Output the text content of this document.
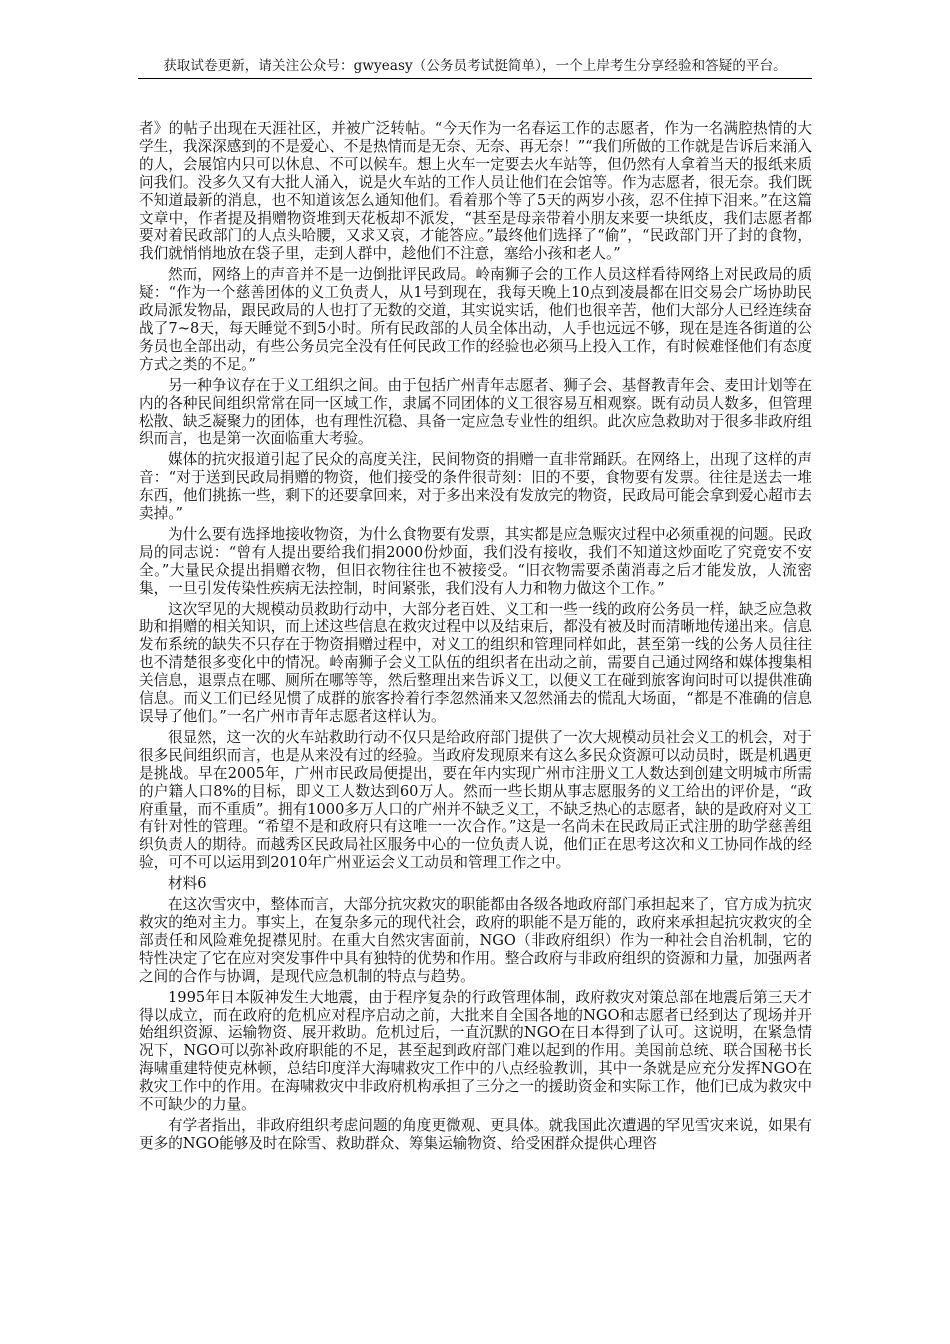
获取试卷更新，请关注公众号：gwyeasy（公务员考试挺简单），一个上岸考生分享经验和答疑的平台。

者》的帖子出现在天涯社区，并被广泛转帖。“今天作为一名春运工作的志愿者，作为一名满腔热情的大学生，我深深感到的不是爱心、不是热情而是无奈、无奈、再无奈！”“我们所做的工作就是告诉后来涌入的人，会展馆内只可以休息、不可以候车。想上火车一定要去火车站等，但仍然有人拿着当天的报纸来质问我们。没多久又有大批人涌入，说是火车站的工作人员让他们在会馆等。作为志愿者，很无奈。我们既不知道最新的消息，也不知道该怎么通知他们。看着那个等了5天的两岁小孩，忍不住掉下泪来。”在这篇文章中，作者提及捐赠物资堆到天花板却不派发，“甚至是母亲带着小朋友来要一块纸皮，我们志愿者都要对着民政部门的人点头哈腰，又求又哀，才能答应。”最终他们选择了“偷”，“民政部门开了封的食物，我们就悄悄地放在袋子里，走到人群中，趁他们不注意，塞给小孩和老人。”

然而，网络上的声音并不是一边倒批评民政局。岭南狮子会的工作人员这样看待网络上对民政局的质疑：“作为一个慈善团体的义工负责人，从1号到现在，我每天晚上10点到凌晨都在旧交易会广场协助民政局派发物品，跟民政局的人也打了无数的交道，其实说实话，他们也很辛苦，他们大部分人已经连续奋战了7~8天，每天睡觉不到5小时。所有民政部的人员全体出动，人手也远远不够，现在是连各街道的公务员也全部出动，有些公务员完全没有任何民政工作的经验也必须马上投入工作，有时候难怪他们有态度方式之类的不足。”

另一种争议存在于义工组织之间。由于包括广州青年志愿者、狮子会、基督教青年会、麦田计划等在内的各种民间组织常常在同一区域工作，隶属不同团体的义工很容易互相观察。既有动员人数多，但管理松散、缺乏凝聚力的团体，也有理性沉稳、具备一定应急专业性的组织。此次应急救助对于很多非政府组织而言，也是第一次面临重大考验。

媒体的抗灾报道引起了民众的高度关注，民间物资的捐赠一直非常踊跃。在网络上，出现了这样的声音：“对于送到民政局捐赠的物资，他们接受的条件很苛刻：旧的不要，食物要有发票。往往是送去一堆东西，他们挑拣一些，剩下的还要拿回来，对于多出来没有发放完的物资，民政局可能会拿到爱心超市去卖掉。”

为什么要有选择地接收物资，为什么食物要有发票，其实都是应急赈灾过程中必须重视的问题。民政局的同志说：“曾有人提出要给我们捐2000份炒面，我们没有接收，我们不知道这炒面吃了究竟安不安全。”大量民众提出捐赠衣物，但旧衣物往往也不被接受。“旧衣物需要杀菌消毒之后才能发放，人流密集，一旦引发传染性疾病无法控制，时间紧张，我们没有人力和物力做这个工作。”

这次罕见的大规模动员救助行动中，大部分老百姓、义工和一些一线的政府公务员一样，缺乏应急救助和捐赠的相关知识，而上述这些信息在救灾过程中以及结束后，都没有被及时而清晰地传递出来。信息发布系统的缺失不只存在于物资捐赠过程中，对义工的组织和管理同样如此，甚至第一线的公务人员往往也不清楚很多变化中的情况。岭南狮子会义工队伍的组织者在出动之前，需要自己通过网络和媒体搜集相关信息，退票点在哪、厕所在哪等等，然后整理出来告诉义工，以便义工在碰到旅客询问时可以提供准确信息。而义工们已经见惯了成群的旅客拎着行李忽然涌来又忽然涌去的慌乱大场面，“都是不准确的信息误导了他们。”一名广州市青年志愿者这样认为。

很显然，这一次的火车站救助行动不仅只是给政府部门提供了一次大规模动员社会义工的机会，对于很多民间组织而言，也是从来没有过的经验。当政府发现原来有这么多民众资源可以动员时，既是机遇更是挑战。早在2005年，广州市民政局便提出，要在年内实现广州市注册义工人数达到创建文明城市所需的户籍人口8%的目标，即义工人数达到60万人。然而一些长期从事志愿服务的义工给出的评价是，“政府重量，而不重质”。拥有1000多万人口的广州并不缺乏义工，不缺乏热心的志愿者，缺的是政府对义工有针对性的管理。“希望不是和政府只有这唯一一次合作。”这是一名尚未在民政局正式注册的助学慈善组织负责人的期待。而越秀区民政局社区服务中心的一位负责人说，他们正在思考这次和义工协同作战的经验，可不可以运用到2010年广州亚运会义工动员和管理工作之中。

材料6

在这次雪灾中，整体而言，大部分抗灾救灾的职能都由各级各地政府部门承担起来了，官方成为抗灾救灾的绝对主力。事实上，在复杂多元的现代社会，政府的职能不是万能的，政府来承担起抗灾救灾的全部责任和风险难免捉襟见肘。在重大自然灾害面前，NGO（非政府组织）作为一种社会自治机制，它的特性决定了它在应对突发事件中具有独特的优势和作用。整合政府与非政府组织的资源和力量，加强两者之间的合作与协调，是现代应急机制的特点与趋势。

1995年日本阪神发生大地震，由于程序复杂的行政管理体制，政府救灾对策总部在地震后第三天才得以成立，而在政府的危机应对程序启动之前，大批来自全国各地的NGO和志愿者已经到达了现场并开始组织资源、运输物资、展开救助。危机过后，一直沉默的NGO在日本得到了认可。这说明，在紧急情况下，NGO可以弥补政府职能的不足，甚至起到政府部门难以起到的作用。美国前总统、联合国秘书长海啸重建特使克林顿，总结印度洋大海啸救灾工作中的八点经验教训，其中一条就是应充分发挥NGO在救灾工作中的作用。在海啸救灾中非政府机构承担了三分之一的援助资金和实际工作，他们已成为救灾中不可缺少的力量。

有学者指出，非政府组织考虑问题的角度更微观、更具体。就我国此次遭遇的罕见雪灾来说，如果有更多的NGO能够及时在除雪、救助群众、筹集运输物资、给受困群众提供心理咨
